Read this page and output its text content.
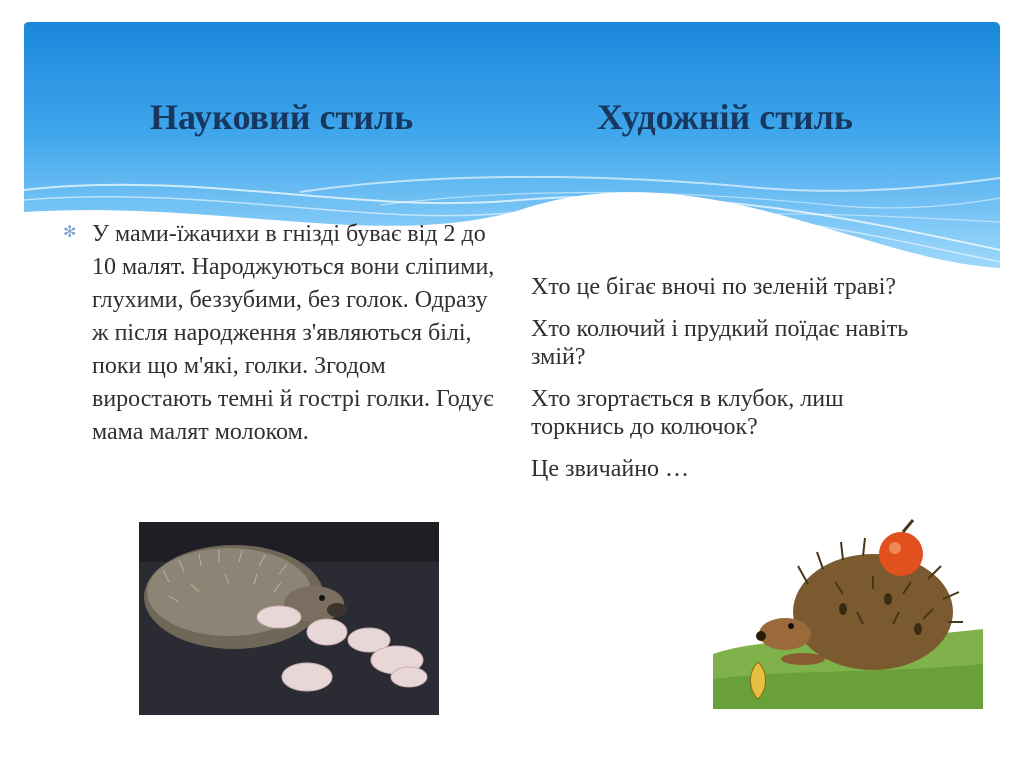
Науковий стиль	Художній стиль
✻ У мами-їжачихи в гнізді буває від 2 до 10 малят. Народжуються вони сліпими, глухими, беззубими, без голок. Одразу ж після народження з'являються білі, поки що м'які, голки. Згодом виростають темні й гострі голки. Годує мама малят молоком.

Хто це бігає вночі по зеленій траві?

Хто колючий і прудкий поїдає навіть змій?

Хто згортається в клубок, лиш торкнись до колючок?

Це звичайно …
